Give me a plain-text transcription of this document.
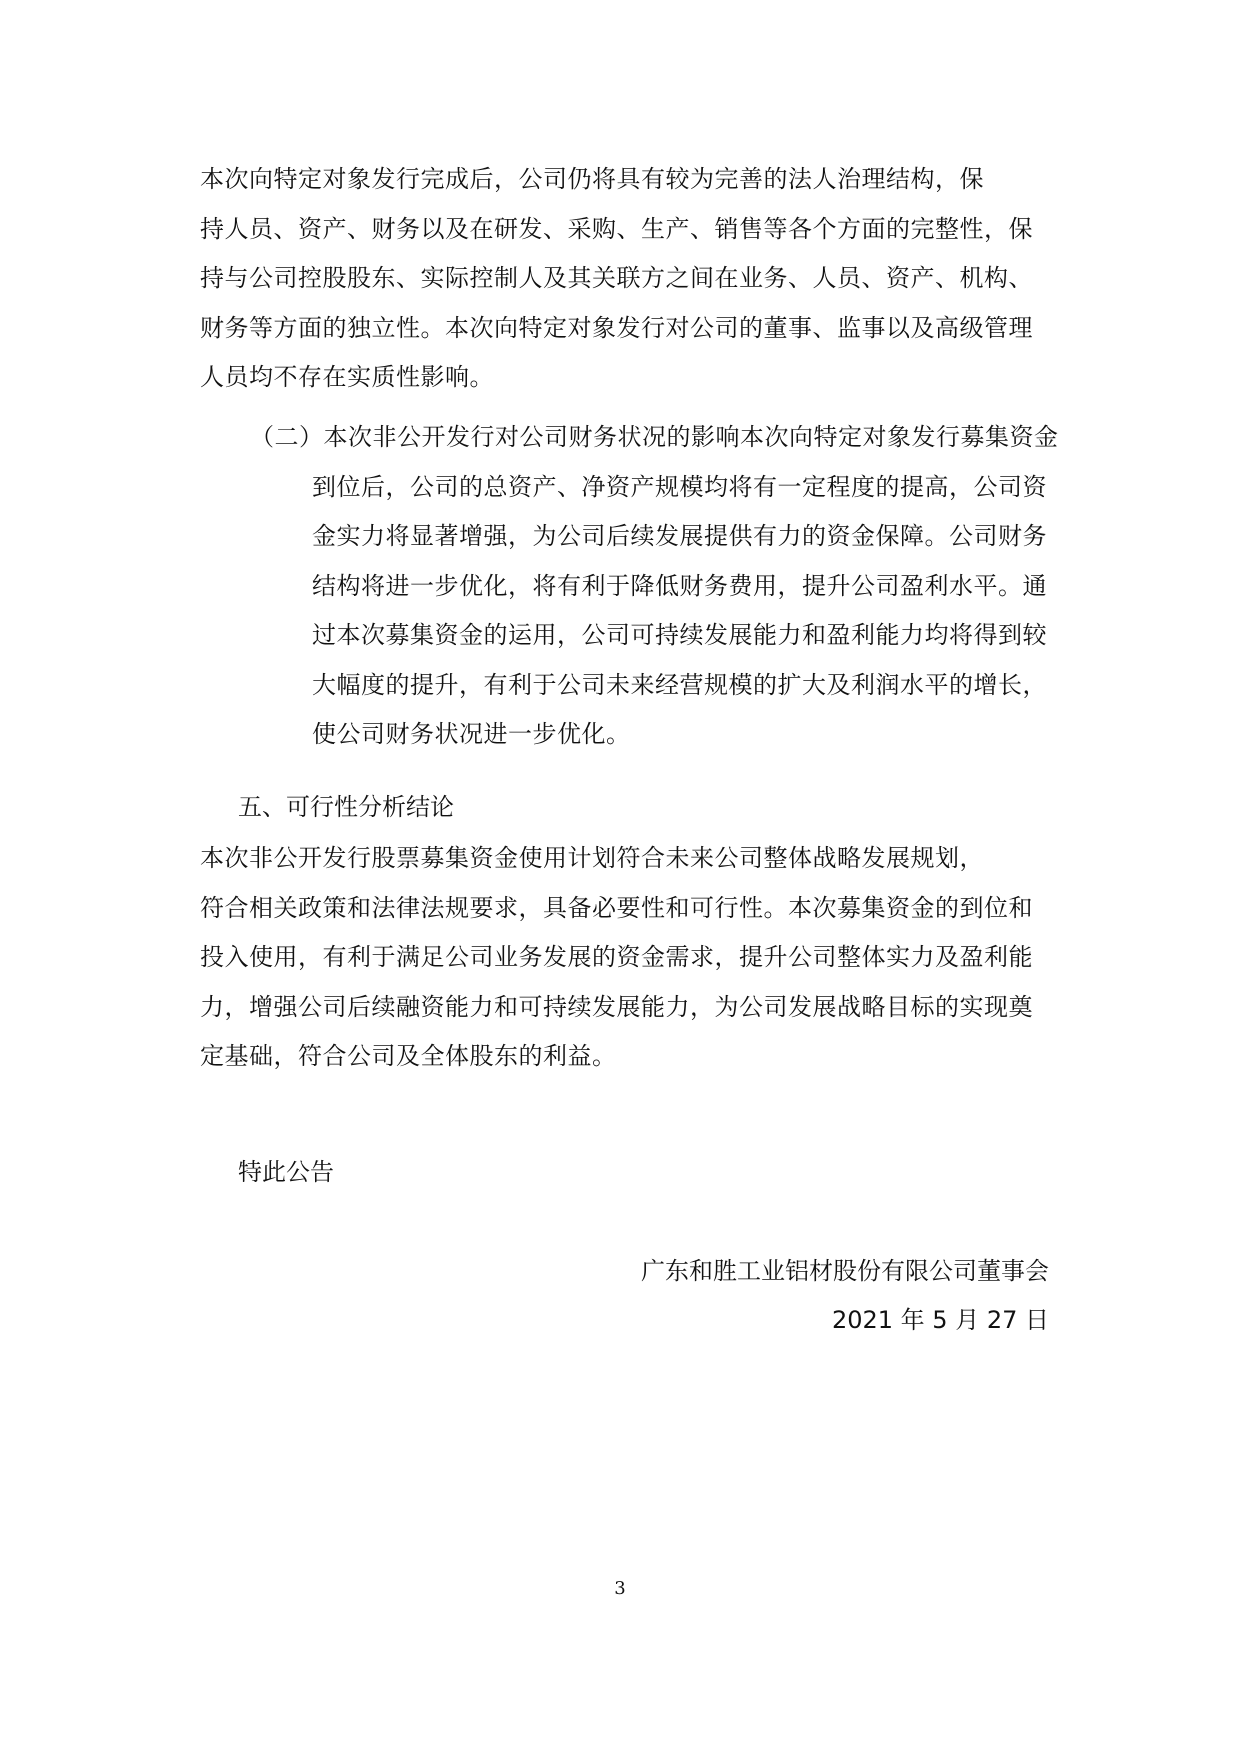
本次向特定对象发行完成后，公司仍将具有较为完善的法人治理结构，保
持人员、资产、财务以及在研发、采购、生产、销售等各个方面的完整性，保
持与公司控股股东、实际控制人及其关联方之间在业务、人员、资产、机构、
财务等方面的独立性。本次向特定对象发行对公司的董事、监事以及高级管理
人员均不存在实质性影响。
（二）本次非公开发行对公司财务状况的影响本次向特定对象发行募集资金
到位后，公司的总资产、净资产规模均将有一定程度的提高，公司资
金实力将显著增强，为公司后续发展提供有力的资金保障。公司财务
结构将进一步优化，将有利于降低财务费用，提升公司盈利水平。通
过本次募集资金的运用，公司可持续发展能力和盈利能力均将得到较
大幅度的提升，有利于公司未来经营规模的扩大及利润水平的增长，
使公司财务状况进一步优化。

五、可行性分析结论

本次非公开发行股票募集资金使用计划符合未来公司整体战略发展规划，
符合相关政策和法律法规要求，具备必要性和可行性。本次募集资金的到位和
投入使用，有利于满足公司业务发展的资金需求，提升公司整体实力及盈利能
力，增强公司后续融资能力和可持续发展能力，为公司发展战略目标的实现奠
定基础，符合公司及全体股东的利益。

特此公告

广东和胜工业铝材股份有限公司董事会

2021 年 5 月 27 日

3
